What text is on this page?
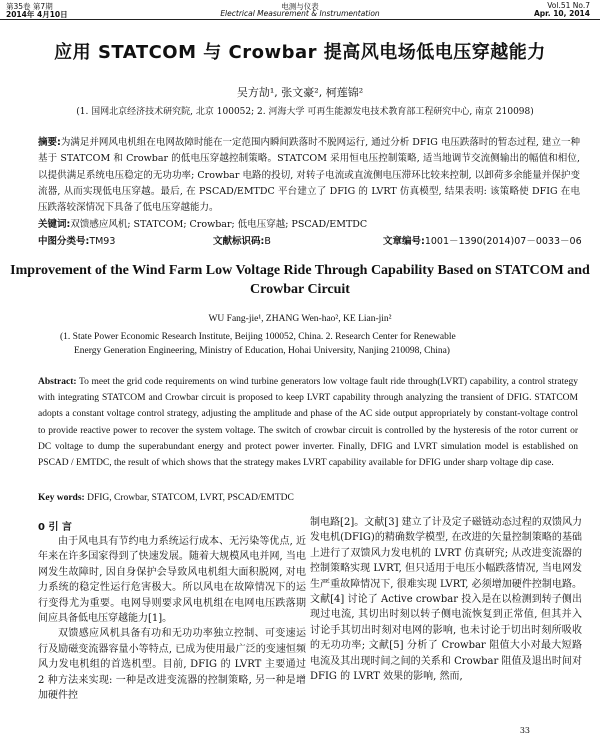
第35卷 第7期
2014年 4月10日
电测与仪表
Electrical Measurement & Instrumentation
Vol.51 No.7
Apr. 10, 2014
应用 STATCOM 与 Crowbar 提高风电场低电压穿越能力
吴方劼¹, 张文豪², 柯莲锦²
(1. 国网北京经济技术研究院, 北京 100052; 2. 河海大学 可再生能源发电技术教育部工程研究中心, 南京 210098)
摘要:为满足并网风电机组在电网故障时能在一定范围内瞬间跌落时不脱网运行, 通过分析 DFIG 电压跌落时的暂态过程, 建立一种基于 STATCOM 和 Crowbar 的低电压穿越控制策略。STATCOM 采用恒电压控制策略, 适当地调节交流侧输出的幅值和相位, 以提供满足系统电压稳定的无功功率; Crowbar 电路的投切, 对转子电流或直流侧电压滞环比较来控制, 以卸荷多余能量并保护变流器, 从而实现低电压穿越。最后, 在 PSCAD/EMTDC 平台建立了 DFIG 的 LVRT 仿真模型, 结果表明: 该策略使 DFIG 在电压跌落较深情况下具备了低电压穿越能力。
关键词:双馈感应风机; STATCOM; Crowbar; 低电压穿越; PSCAD/EMTDC
中图分类号:TM93	文献标识码:B	文章编号:1001－1390(2014)07－0033－06
Improvement of the Wind Farm Low Voltage Ride Through Capability Based on STATCOM and Crowbar Circuit
WU Fang-jie¹, ZHANG Wen-hao², KE Lian-jin²
(1. State Power Economic Research Institute, Beijing 100052, China. 2. Research Center for Renewable
Energy Generation Engineering, Ministry of Education, Hohai University, Nanjing 210098, China)
Abstract: To meet the grid code requirements on wind turbine generators low voltage fault ride through(LVRT) capability, a control strategy with integrating STATCOM and Crowbar circuit is proposed to keep LVRT capability through analyzing the transient of DFIG. STATCOM adopts a constant voltage control strategy, adjusting the amplitude and phase of the AC side output appropriately by constant-voltage control to provide reactive power to recover the system voltage. The switch of crowbar circuit is controlled by the hysteresis of the rotor current or DC voltage to dump the superabundant energy and protect power inverter. Finally, DFIG and LVRT simulation model is established on PSCAD / EMTDC, the result of which shows that the strategy makes LVRT capability available for DFIG under sharp voltage dip case.
Key words: DFIG, Crowbar, STATCOM, LVRT, PSCAD/EMTDC
0 引 言

由于风电具有节约电力系统运行成本、无污染等优点, 近年来在许多国家得到了快速发展。随着大规模风电并网, 当电网发生故障时, 因自身保护会导致风电机组大面积脱网, 对电力系统的稳定性运行危害极大。所以风电在故障情况下的运行变得尤为重要。电网导则要求风电机组在电网电压跌落期间应具备低电压穿越能力[1]。

双馈感应风机具备有功和无功功率独立控制、可变速运行及励磁变流器容量小等特点, 已成为使用最广泛的变速恒频风力发电机组的首选机型。目前, DFIG 的 LVRT 主要通过 2 种方法来实现: 一种是改进变流器的控制策略, 另一种是增加硬件控

制电路[2]。文献[3] 建立了计及定子磁链动态过程的双馈风力发电机(DFIG)的精确数学模型, 在改进的矢量控制策略的基础上进行了双馈风力发电机的 LVRT 仿真研究; 从改进变流器的控制策略实现 LVRT, 但只适用于电压小幅跌落情况, 当电网发生严重故障情况下, 很难实现 LVRT, 必须增加硬件控制电路。文献[4] 讨论了 Active crowbar 投入是在以检测到转子侧出现过电流, 其切出时刻以转子侧电流恢复到正常值, 但其并入讨论手其切出时刻对电网的影响, 也未讨论于切出时刻所吸收的无功功率; 文献[5] 分析了 Crowbar 阻值大小对最大短路电流及其出现时间之间的关系和 Crowbar 阻值及退出时间对 DFIG 的 LVRT 效果的影响, 然而,

33
